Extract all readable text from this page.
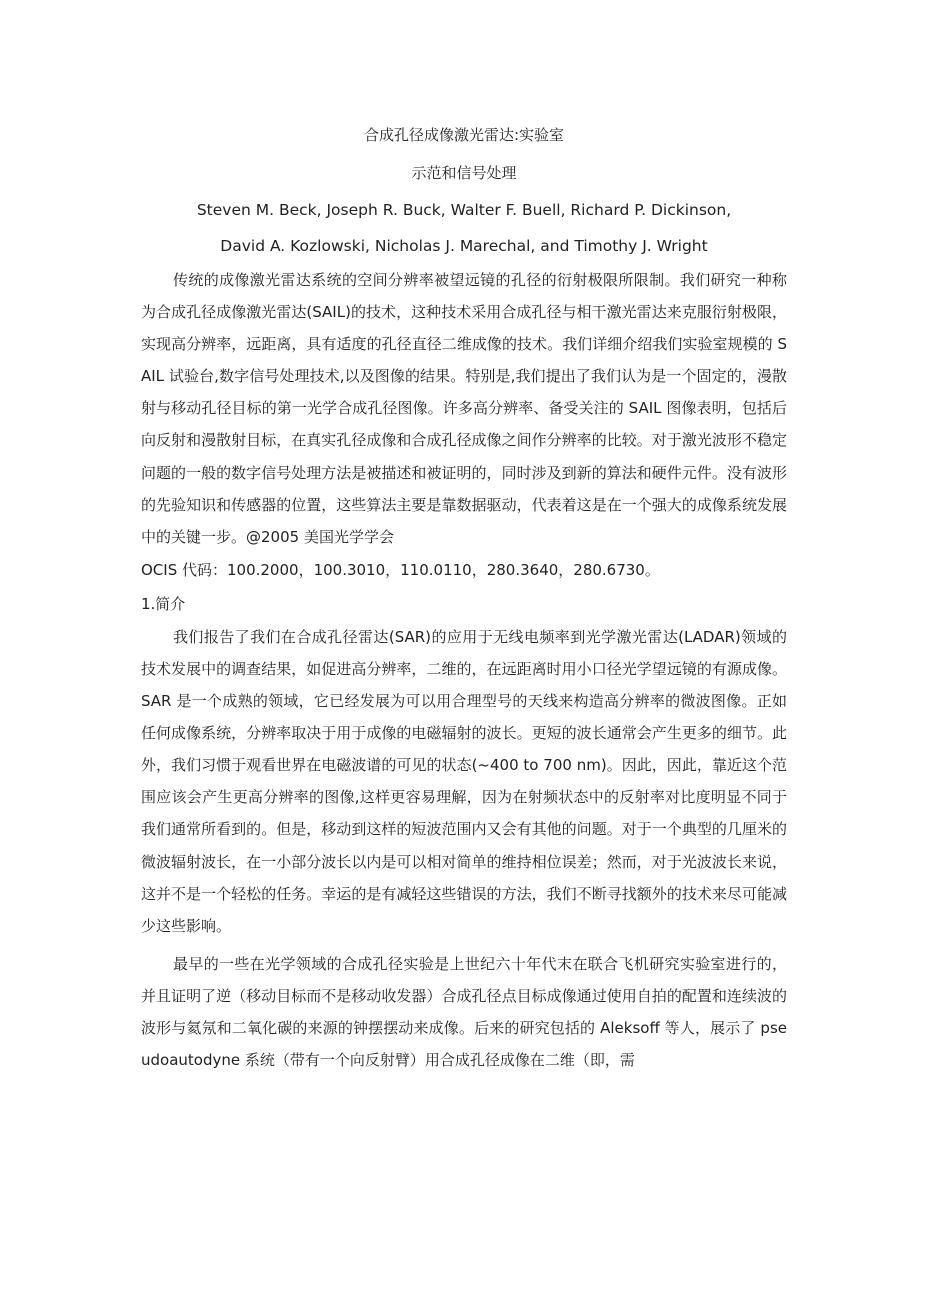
合成孔径成像激光雷达:实验室

示范和信号处理

Steven M. Beck, Joseph R. Buck, Walter F. Buell, Richard P. Dickinson,

David A. Kozlowski, Nicholas J. Marechal, and Timothy J. Wright

传统的成像激光雷达系统的空间分辨率被望远镜的孔径的衍射极限所限制。我们研究一种称为合成孔径成像激光雷达(SAIL)的技术，这种技术采用合成孔径与相干激光雷达来克服衍射极限，实现高分辨率，远距离，具有适度的孔径直径二维成像的技术。我们详细介绍我们实验室规模的 SAIL 试验台,数字信号处理技术,以及图像的结果。特别是,我们提出了我们认为是一个固定的，漫散射与移动孔径目标的第一光学合成孔径图像。许多高分辨率、备受关注的 SAIL 图像表明，包括后向反射和漫散射目标，在真实孔径成像和合成孔径成像之间作分辨率的比较。对于激光波形不稳定问题的一般的数字信号处理方法是被描述和被证明的，同时涉及到新的算法和硬件元件。没有波形的先验知识和传感器的位置，这些算法主要是靠数据驱动，代表着这是在一个强大的成像系统发展中的关键一步。@2005 美国光学学会

OCIS 代码：100.2000，100.3010，110.0110，280.3640，280.6730。

1.简介

我们报告了我们在合成孔径雷达(SAR)的应用于无线电频率到光学激光雷达(LADAR)领域的技术发展中的调查结果，如促进高分辨率，二维的，在远距离时用小口径光学望远镜的有源成像。 SAR 是一个成熟的领域，它已经发展为可以用合理型号的天线来构造高分辨率的微波图像。正如任何成像系统，分辨率取决于用于成像的电磁辐射的波长。更短的波长通常会产生更多的细节。此外，我们习惯于观看世界在电磁波谱的可见的状态(~400 to 700 nm)。因此，因此，靠近这个范围应该会产生更高分辨率的图像,这样更容易理解，因为在射频状态中的反射率对比度明显不同于我们通常所看到的。但是，移动到这样的短波范围内又会有其他的问题。对于一个典型的几厘米的微波辐射波长，在一小部分波长以内是可以相对简单的维持相位误差；然而，对于光波波长来说，这并不是一个轻松的任务。幸运的是有减轻这些错误的方法，我们不断寻找额外的技术来尽可能减少这些影响。

最早的一些在光学领域的合成孔径实验是上世纪六十年代末在联合飞机研究实验室进行的，并且证明了逆（移动目标而不是移动收发器）合成孔径点目标成像通过使用自拍的配置和连续波的波形与氦氖和二氧化碳的来源的钟摆摆动来成像。后来的研究包括的 Aleksoff 等人，展示了 pseudoautodyne 系统（带有一个向反射臂）用合成孔径成像在二维（即，需
